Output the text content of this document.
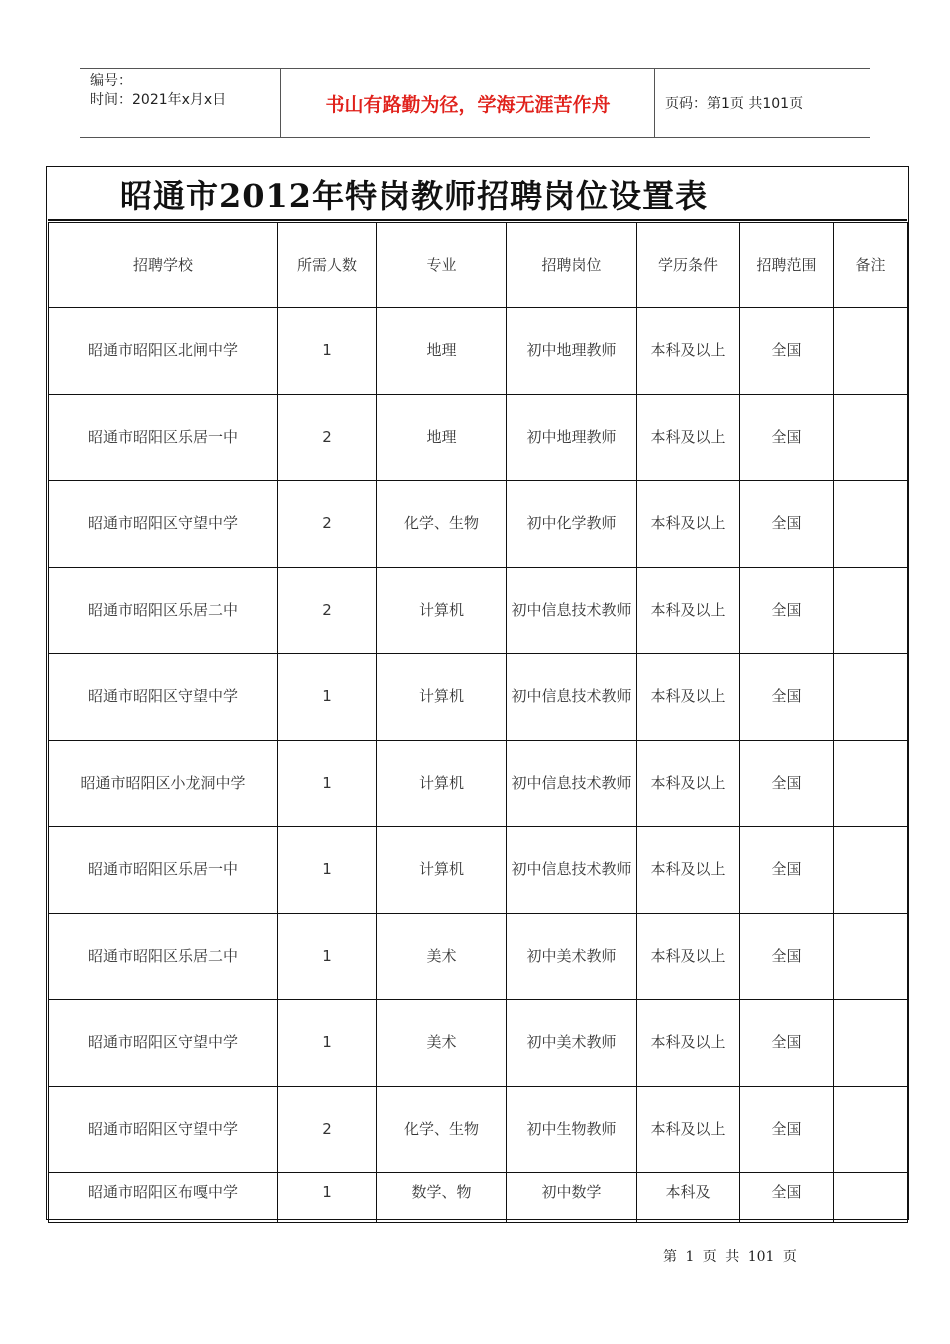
编号：
时间：2021年x月x日	书山有路勤为径，学海无涯苦作舟	页码：第1页 共101页
昭通市2012年特岗教师招聘岗位设置表
招聘学校	所需人数	专业	招聘岗位	学历条件	招聘范围	备注
昭通市昭阳区北闸中学	1	地理	初中地理教师	本科及以上	全国	
昭通市昭阳区乐居一中	2	地理	初中地理教师	本科及以上	全国	
昭通市昭阳区守望中学	2	化学、生物	初中化学教师	本科及以上	全国	
昭通市昭阳区乐居二中	2	计算机	初中信息技术教师	本科及以上	全国	
昭通市昭阳区守望中学	1	计算机	初中信息技术教师	本科及以上	全国	
昭通市昭阳区小龙洞中学	1	计算机	初中信息技术教师	本科及以上	全国	
昭通市昭阳区乐居一中	1	计算机	初中信息技术教师	本科及以上	全国	
昭通市昭阳区乐居二中	1	美术	初中美术教师	本科及以上	全国	
昭通市昭阳区守望中学	1	美术	初中美术教师	本科及以上	全国	
昭通市昭阳区守望中学	2	化学、生物	初中生物教师	本科及以上	全国	
昭通市昭阳区布嘎中学	1	数学、物	初中数学	本科及	全国	
第 1 页 共 101 页
